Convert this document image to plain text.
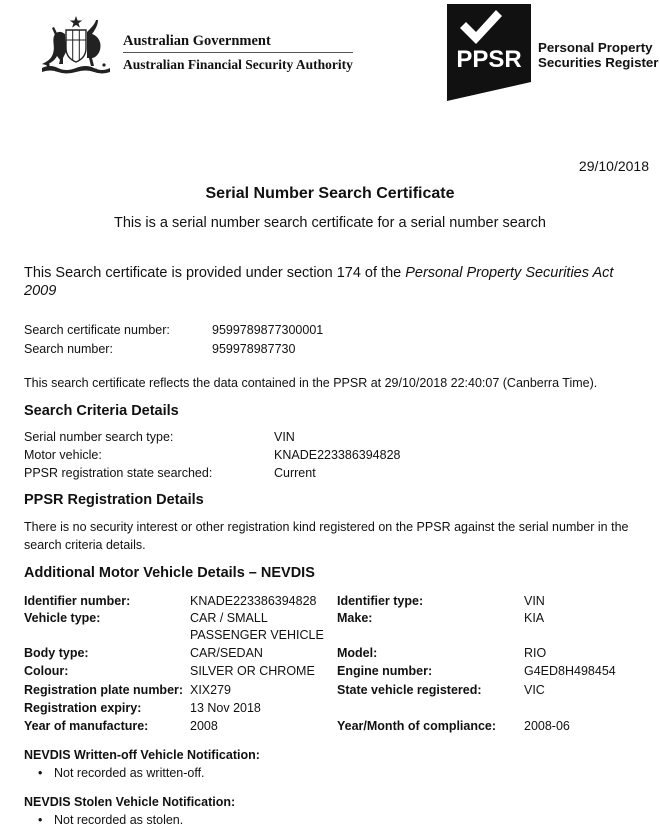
Australian Government
Australian Financial Security Authority	PPSR Personal Property
Securities Register
29/10/2018
Serial Number Search Certificate
This is a serial number search certificate for a serial number search
This Search certificate is provided under section 174 of the Personal Property Securities Act 2009
Search certificate number:	9599789877300001
Search number:	959978987730
This search certificate reflects the data contained in the PPSR at 29/10/2018 22:40:07 (Canberra Time).
Search Criteria Details
Serial number search type:	VIN
Motor vehicle:	KNADE223386394828
PPSR registration state searched:	Current
PPSR Registration Details
There is no security interest or other registration kind registered on the PPSR against the serial number in the search criteria details.
Additional Motor Vehicle Details – NEVDIS
Identifier number:	KNADE223386394828 Identifier type:	VIN
Vehicle type:	CAR / SMALL	Make:	KIA
PASSENGER VEHICLE
Body type:	CAR/SEDAN	Model:	RIO
Colour:	SILVER OR CHROME Engine number:	G4ED8H498454
Registration plate number: XIX279	State vehicle registered:	VIC
Registration expiry:	13 Nov 2018
Year of manufacture:	2008	Year/Month of compliance: 2008-06
NEVDIS Written-off Vehicle Notification:
• Not recorded as written-off.
NEVDIS Stolen Vehicle Notification:
• Not recorded as stolen.
